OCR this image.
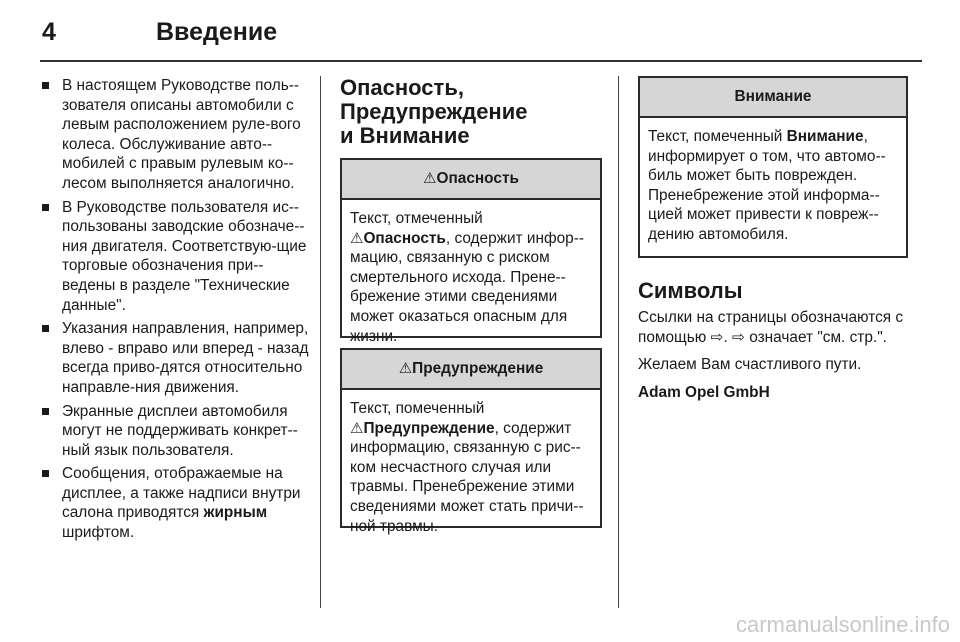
4	Введение
В настоящем Руководстве поль-зователя описаны автомобили с левым расположением руле-вого колеса. Обслуживание авто-мобилей с правым рулевым ко-лесом выполняется аналогично.
В Руководстве пользователя ис-пользованы заводские обозначе-ния двигателя. Соответствую-щие торговые обозначения при-ведены в разделе "Технические данные".
Указания направления, например, влево - вправо или вперед - назад всегда приво-дятся относительно направле-ния движения.
Экранные дисплеи автомобиля могут не поддерживать конкрет-ный язык пользователя.
Сообщения, отображаемые на дисплее, а также надписи внутри салона приводятся жирным шрифтом.
Опасность,
Предупреждение
и Внимание
⚠Опасность
Текст, отмеченный
⚠Опасность, содержит инфор-мацию, связанную с риском смертельного исхода. Прене-брежение этими сведениями может оказаться опасным для жизни.
⚠Предупреждение
Текст, помеченный
⚠Предупреждение, содержит информацию, связанную с рис-ком несчастного случая или травмы. Пренебрежение этими сведениями может стать причи-ной травмы.
Внимание
Текст, помеченный Внимание, информирует о том, что автомо-биль может быть поврежден. Пренебрежение этой информа-цией может привести к повреж-дению автомобиля.
Символы

Ссылки на страницы обозначаются с помощью ⇨. ⇨ означает "см. стр.".

Желаем Вам счастливого пути.

Adam Opel GmbH

carmanualsonline.info
